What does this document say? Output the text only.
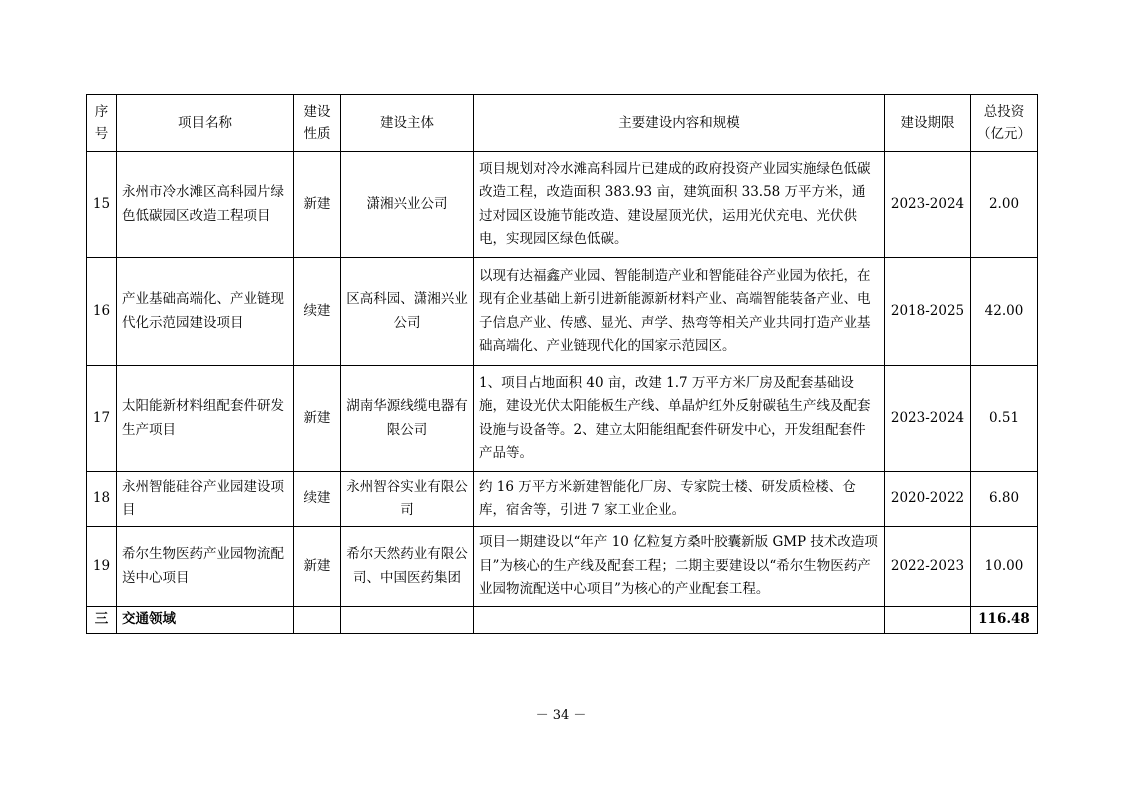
序号	项目名称	建设性质	建设主体	主要建设内容和规模	建设期限	总投资（亿元）
15	永州市冷水滩区高科园片绿色低碳园区改造工程项目	新建	潇湘兴业公司	项目规划对冷水滩高科园片已建成的政府投资产业园实施绿色低碳改造工程，改造面积 383.93 亩，建筑面积 33.58 万平方米，通过对园区设施节能改造、建设屋顶光伏，运用光伏充电、光伏供电，实现园区绿色低碳。	2023-2024	2.00
16	产业基础高端化、产业链现代化示范园建设项目	续建	区高科园、潇湘兴业公司	以现有达福鑫产业园、智能制造产业和智能硅谷产业园为依托，在现有企业基础上新引进新能源新材料产业、高端智能装备产业、电子信息产业、传感、显光、声学、热弯等相关产业共同打造产业基础高端化、产业链现代化的国家示范园区。	2018-2025	42.00
17	太阳能新材料组配套件研发生产项目	新建	湖南华源线缆电器有限公司	1、项目占地面积 40 亩，改建 1.7 万平方米厂房及配套基础设施，建设光伏太阳能板生产线、单晶炉红外反射碳毡生产线及配套设施与设备等。2、建立太阳能组配套件研发中心，开发组配套件产品等。	2023-2024	0.51
18	永州智能硅谷产业园建设项目	续建	永州智谷实业有限公司	约 16 万平方米新建智能化厂房、专家院士楼、研发质检楼、仓库，宿舍等，引进 7 家工业企业。	2020-2022	6.80
19	希尔生物医药产业园物流配送中心项目	新建	希尔天然药业有限公司、中国医药集团	项目一期建设以“年产 10 亿粒复方桑叶胶囊新版 GMP 技术改造项目”为核心的生产线及配套工程；二期主要建设以“希尔生物医药产业园物流配送中心项目”为核心的产业配套工程。	2022-2023	10.00
三	交通领域					116.48
－ 34 －
